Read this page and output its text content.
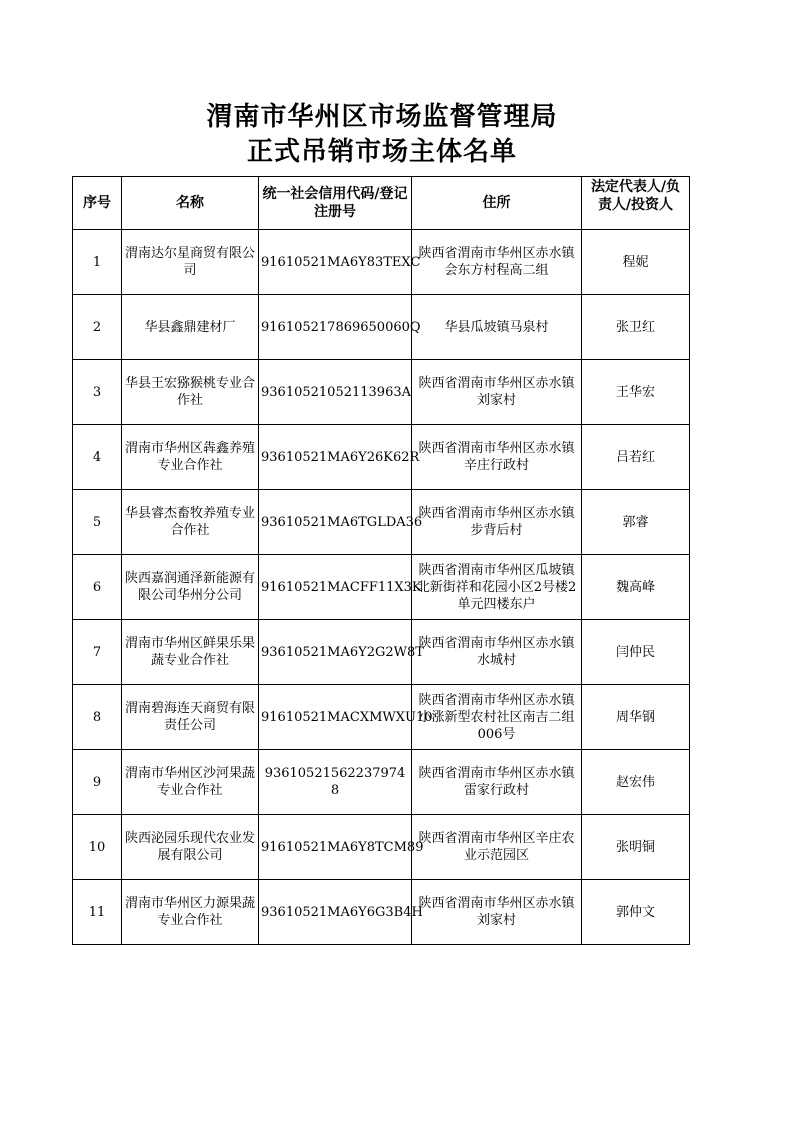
渭南市华州区市场监督管理局
正式吊销市场主体名单
序号	名称	统一社会信用代码/登记注册号	住所	法定代表人/负责人/投资人

1	渭南达尔星商贸有限公司	91610521MA6Y83TEXC	陕西省渭南市华州区赤水镇会东方村程高二组	程妮
2	华县鑫鼎建材厂	916105217869650060Q	华县瓜坡镇马泉村	张卫红
3	华县王宏猕猴桃专业合作社	93610521052113963A	陕西省渭南市华州区赤水镇刘家村	王华宏
4	渭南市华州区犇鑫养殖专业合作社	93610521MA6Y26K62R	陕西省渭南市华州区赤水镇辛庄行政村	吕若红
5	华县睿杰畜牧养殖专业合作社	93610521MA6TGLDA36	陕西省渭南市华州区赤水镇步背后村	郭睿
6	陕西嘉润通泽新能源有限公司华州分公司	91610521MACFF11X3K	陕西省渭南市华州区瓜坡镇北新街祥和花园小区2号楼2单元四楼东户	魏高峰
7	渭南市华州区鲜果乐果蔬专业合作社	93610521MA6Y2G2W8T	陕西省渭南市华州区赤水镇水城村	闫仲民
8	渭南碧海连天商贸有限责任公司	91610521MACXMWXU10	陕西省渭南市华州区赤水镇小涨新型农村社区南吉二组006号	周华钢
9	渭南市华州区沙河果蔬专业合作社	93610521562237974​8	陕西省渭南市华州区赤水镇雷家行政村	赵宏伟
10	陕西泌园乐现代农业发展有限公司	91610521MA6Y8TCM89	陕西省渭南市华州区辛庄农业示范园区	张明铜
11	渭南市华州区力源果蔬专业合作社	93610521MA6Y6G3B4H	陕西省渭南市华州区赤水镇刘家村	郭仲文
